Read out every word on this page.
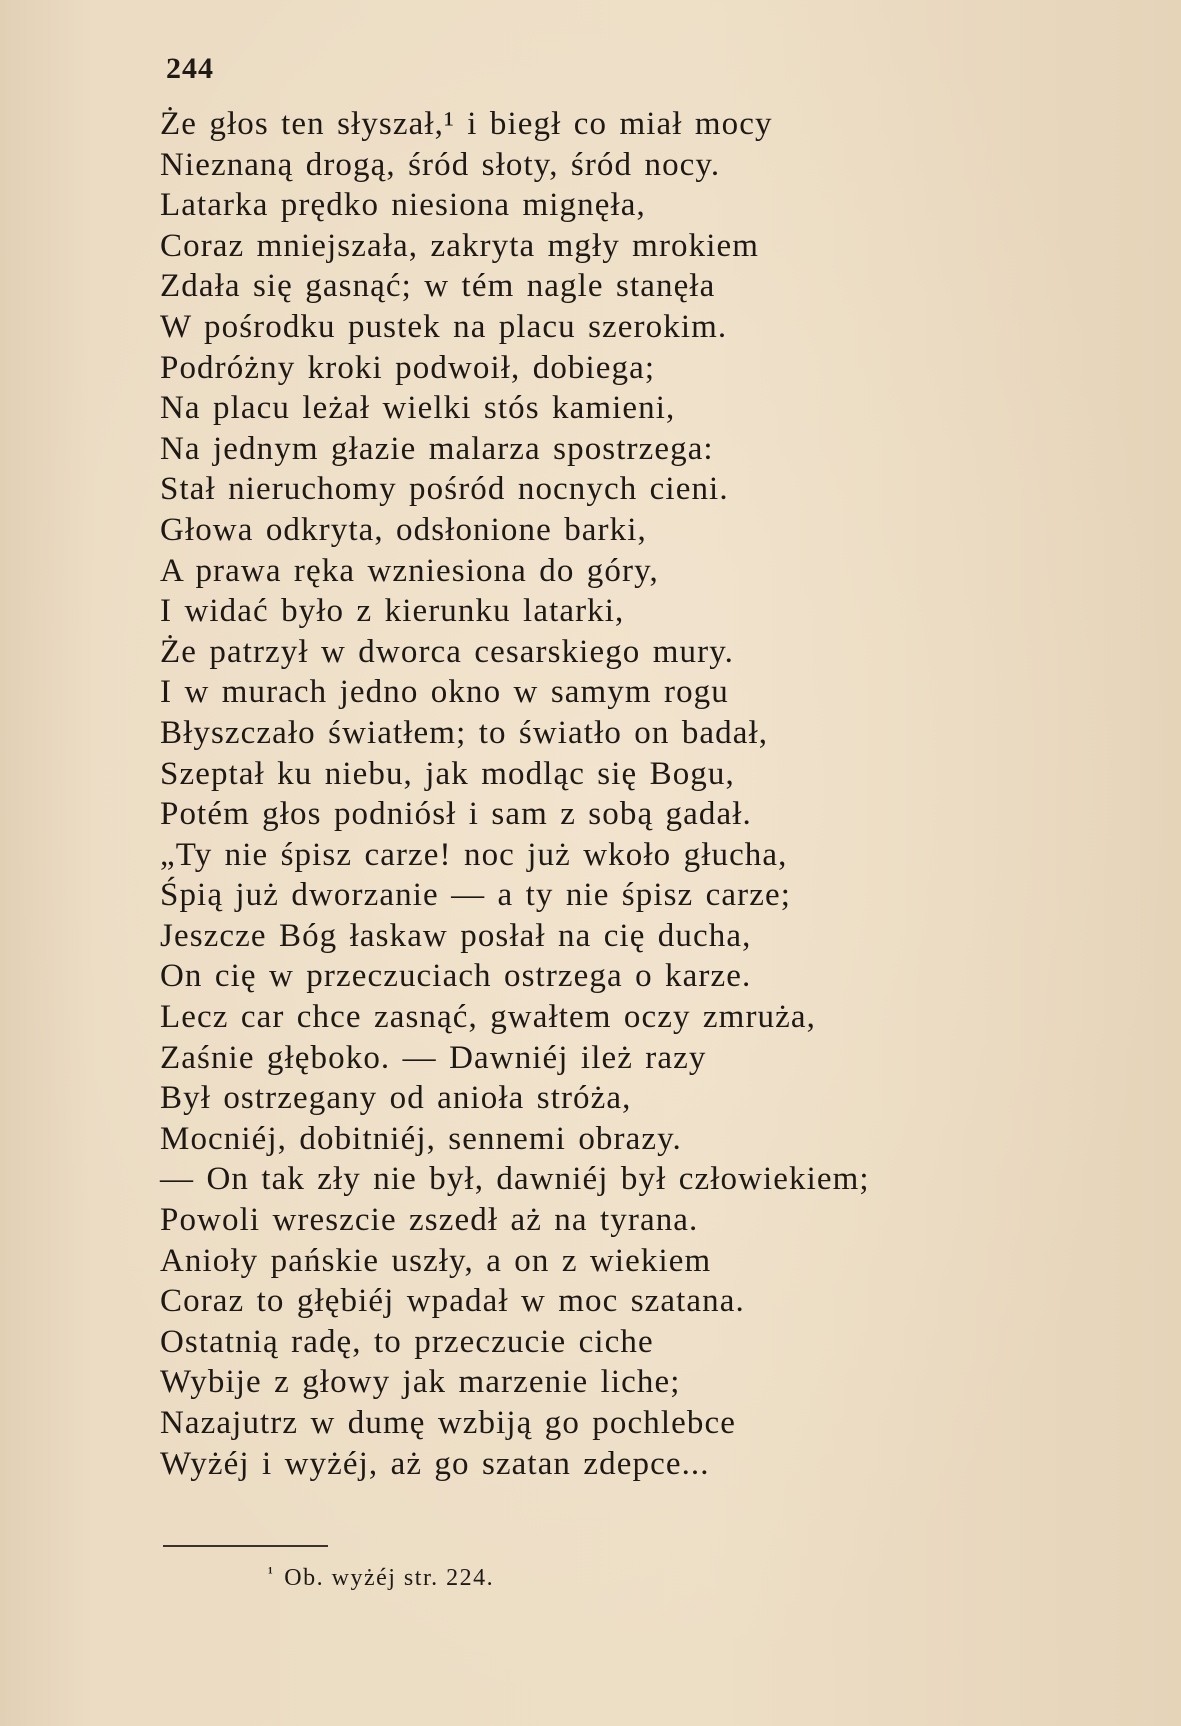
244
Że głos ten słyszał,¹ i biegł co miał mocy
Nieznaną drogą, śród słoty, śród nocy.
Latarka prędko niesiona mignęła,
Coraz mniejszała, zakryta mgły mrokiem
Zdała się gasnąć; w tém nagle stanęła
W pośrodku pustek na placu szerokim.
Podróżny kroki podwoił, dobiega;
Na placu leżał wielki stós kamieni,
Na jednym głazie malarza spostrzega:
Stał nieruchomy pośród nocnych cieni.
Głowa odkryta, odsłonione barki,
A prawa ręka wzniesiona do góry,
I widać było z kierunku latarki,
Że patrzył w dworca cesarskiego mury.
I w murach jedno okno w samym rogu
Błyszczało światłem; to światło on badał,
Szeptał ku niebu, jak modląc się Bogu,
Potém głos podniósł i sam z sobą gadał.
„Ty nie śpisz carze! noc już wkoło głucha,
Śpią już dworzanie — a ty nie śpisz carze;
Jeszcze Bóg łaskaw posłał na cię ducha,
On cię w przeczuciach ostrzega o karze.
Lecz car chce zasnąć, gwałtem oczy zmruża,
Zaśnie głęboko. — Dawniéj ileż razy
Był ostrzegany od anioła stróża,
Mocniéj, dobitniéj, sennemi obrazy.
— On tak zły nie był, dawniéj był człowiekiem;
Powoli wreszcie zszedł aż na tyrana.
Anioły pańskie uszły, a on z wiekiem
Coraz to głębiéj wpadał w moc szatana.
Ostatnią radę, to przeczucie ciche
Wybije z głowy jak marzenie liche;
Nazajutrz w dumę wzbiją go pochlebce
Wyżéj i wyżéj, aż go szatan zdepce...
$^{^1}$ Ob. wyżéj str. 224.
